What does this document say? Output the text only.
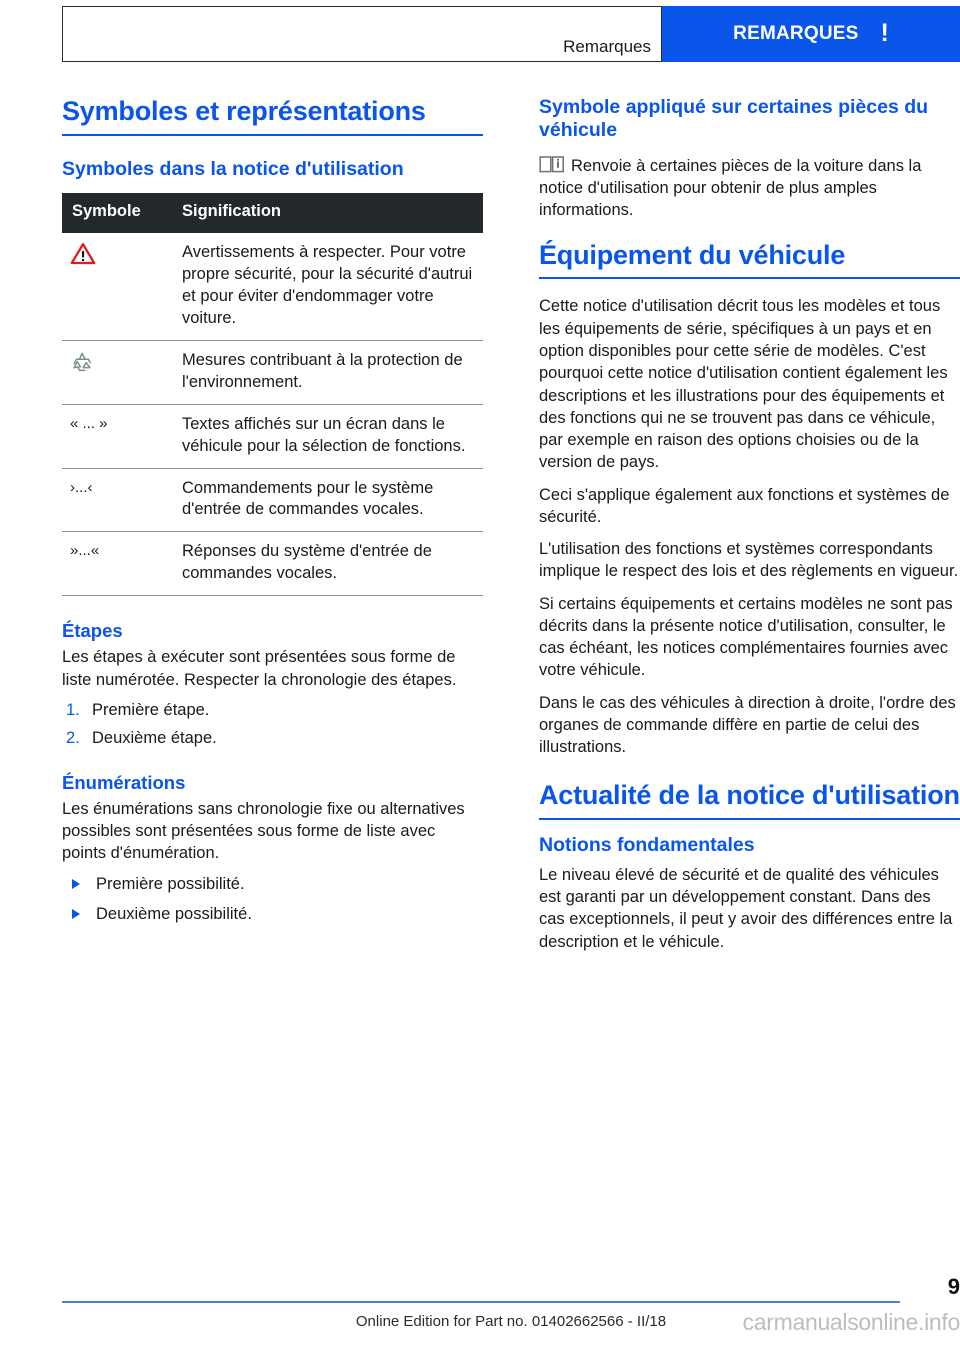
Remarques
REMARQUES !
Symboles et représentations
Symboles dans la notice d'utilisation
Symbole	Signification
	Avertissements à respecter. Pour votre propre sécurité, pour la sécurité d'autrui et pour éviter d'endommager votre voiture.
	Mesures contribuant à la protection de l'environnement.
« ... »	Textes affichés sur un écran dans le véhicule pour la sélection de fonctions.
›...‹	Commandements pour le système d'entrée de commandes vocales.
»...«	Réponses du système d'entrée de commandes vocales.
Étapes

Les étapes à exécuter sont présentées sous forme de liste numérotée. Respecter la chronologie des étapes.

1. Première étape.
2. Deuxième étape.
Énumérations

Les énumérations sans chronologie fixe ou alternatives possibles sont présentées sous forme de liste avec points d'énumération.

Première possibilité.
Deuxième possibilité.
Symbole appliqué sur certaines pièces du véhicule

Renvoie à certaines pièces de la voiture dans la notice d'utilisation pour obtenir de plus amples informations.

Équipement du véhicule

Cette notice d'utilisation décrit tous les modèles et tous les équipements de série, spécifiques à un pays et en option disponibles pour cette série de modèles. C'est pourquoi cette notice d'utilisation contient également les descriptions et les illustrations pour des équipements et des fonctions qui ne se trouvent pas dans ce véhicule, par exemple en raison des options choisies ou de la version de pays.

Ceci s'applique également aux fonctions et systèmes de sécurité.

L'utilisation des fonctions et systèmes correspondants implique le respect des lois et des règlements en vigueur.

Si certains équipements et certains modèles ne sont pas décrits dans la présente notice d'utilisation, consulter, le cas échéant, les notices complémentaires fournies avec votre véhicule.

Dans le cas des véhicules à direction à droite, l'ordre des organes de commande diffère en partie de celui des illustrations.

Actualité de la notice d'utilisation
Notions fondamentales

Le niveau élevé de sécurité et de qualité des véhicules est garanti par un développement constant. Dans des cas exceptionnels, il peut y avoir des différences entre la description et le véhicule.

9
Online Edition for Part no. 01402662566 - II/18	carmanualsonline.info
